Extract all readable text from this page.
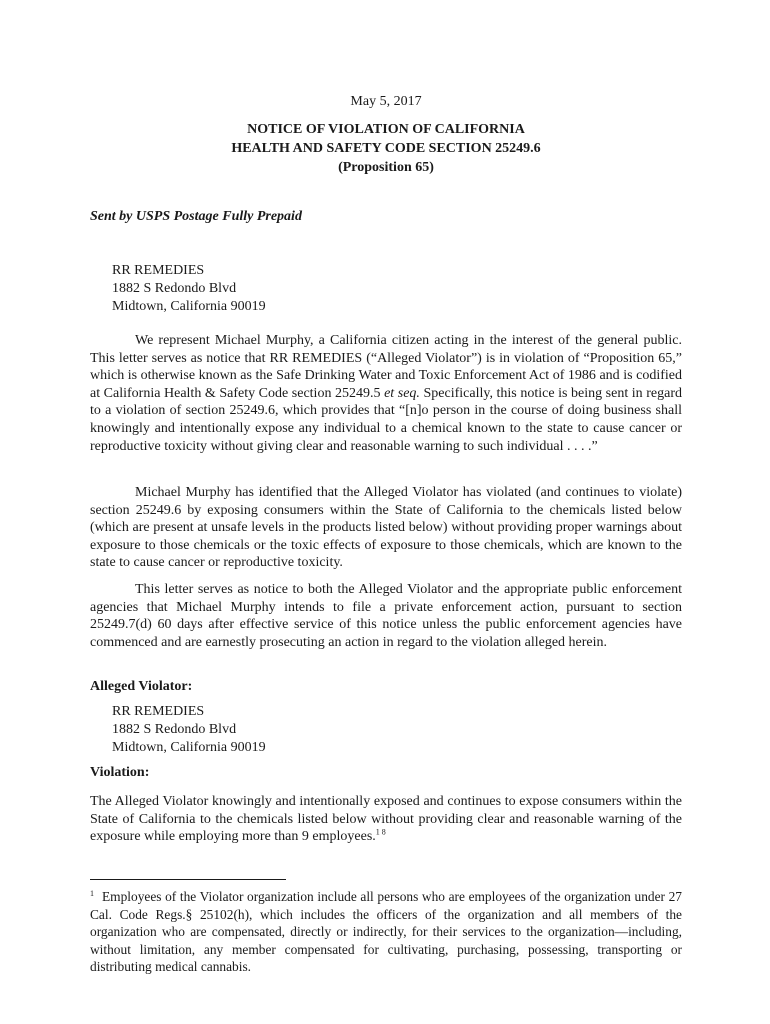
May 5, 2017
NOTICE OF VIOLATION OF CALIFORNIA
HEALTH AND SAFETY CODE SECTION 25249.6
(Proposition 65)
Sent by USPS Postage Fully Prepaid
RR REMEDIES
1882 S Redondo Blvd
Midtown, California 90019
We represent Michael Murphy, a California citizen acting in the interest of the general public. This letter serves as notice that RR REMEDIES (“Alleged Violator”) is in violation of “Proposition 65,” which is otherwise known as the Safe Drinking Water and Toxic Enforcement Act of 1986 and is codified at California Health & Safety Code section 25249.5 et seq. Specifically, this notice is being sent in regard to a violation of section 25249.6, which provides that “[n]o person in the course of doing business shall knowingly and intentionally expose any individual to a chemical known to the state to cause cancer or reproductive toxicity without giving clear and reasonable warning to such individual . . . .”
Michael Murphy has identified that the Alleged Violator has violated (and continues to violate) section 25249.6 by exposing consumers within the State of California to the chemicals listed below (which are present at unsafe levels in the products listed below) without providing proper warnings about exposure to those chemicals or the toxic effects of exposure to those chemicals, which are known to the state to cause cancer or reproductive toxicity.
This letter serves as notice to both the Alleged Violator and the appropriate public enforcement agencies that Michael Murphy intends to file a private enforcement action, pursuant to section 25249.7(d) 60 days after effective service of this notice unless the public enforcement agencies have commenced and are earnestly prosecuting an action in regard to the violation alleged herein.
Alleged Violator:
RR REMEDIES
1882 S Redondo Blvd
Midtown, California 90019
Violation:
The Alleged Violator knowingly and intentionally exposed and continues to expose consumers within the State of California to the chemicals listed below without providing clear and reasonable warning of the exposure while employing more than 9 employees.$^{1 8}$
$^1$ Employees of the Violator organization include all persons who are employees of the organization under 27 Cal. Code Regs.§ 25102(h), which includes the officers of the organization and all members of the organization who are compensated, directly or indirectly, for their services to the organization—including, without limitation, any member compensated for cultivating, purchasing, possessing, transporting or distributing medical cannabis.
